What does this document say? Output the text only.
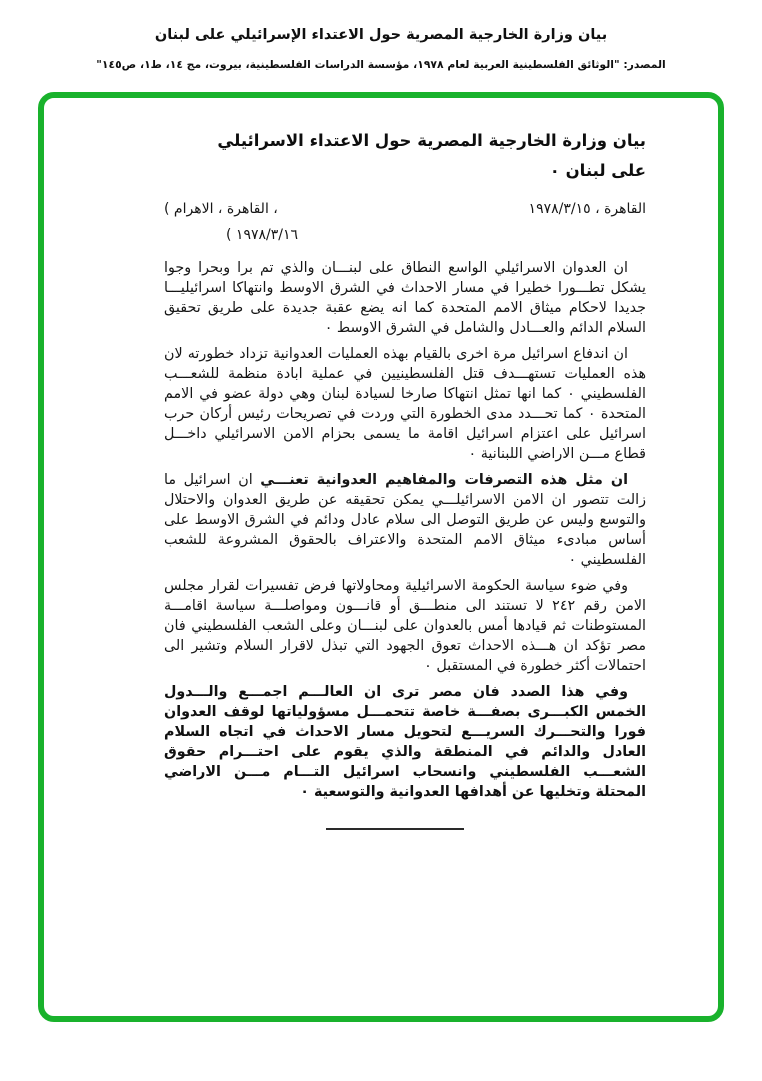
بيان وزارة الخارجية المصرية حول الاعتداء الإسرائيلي على لبنان
المصدر: "الوثائق الفلسطينية العربية لعام ١٩٧٨، مؤسسة الدراسات الفلسطينية، بيروت، مج ١٤، ط١، ص١٤٥"
بيان وزارة الخارجية المصرية حول الاعتداء الاسرائيلي
على لبنان ٠
القاهرة ، ١٩٧٨/٣/١٥
( الاهرام‎ ، القاهرة‎ ،
( ١٩٧٨/٣/١٦

ان العدوان الاسرائيلي الواسع النطاق على لبنـــان والذي تم برا وبحرا وجوا يشكل تطـــورا خطيرا في مسار الاحداث في الشرق الاوسط وانتهاكا اسرائيليـــا جديدا لاحكام ميثاق الامم المتحدة كما انه يضع عقبة جديدة على طريق تحقيق السلام الدائم والعـــادل والشامل في الشرق الاوسط ٠

ان اندفاع اسرائيل مرة اخرى بالقيام بهذه العمليات العدوانية تزداد خطورته لان هذه العمليات تستهـــدف قتل الفلسطينيين في عملية ابادة منظمة للشعـــب الفلسطيني ٠ كما انها تمثل انتهاكا صارخا لسيادة لبنان وهي دولة عضو في الامم المتحدة ٠ كما تحـــدد مدى الخطورة التي وردت في تصريحات رئيس أركان حرب اسرائيل على اعتزام اسرائيل اقامة ما يسمى بحزام الامن الاسرائيلي داخـــل قطاع مـــن الاراضي اللبنانية ٠

ان مثل هذه التصرفات والمفاهيم العدوانية تعنـــي ان اسرائيل ما زالت تتصور ان الامن الاسرائيلـــي يمكن تحقيقه عن طريق العدوان والاحتلال والتوسع وليس عن طريق التوصل الى سلام عادل ودائم في الشرق الاوسط على أساس مبادىء ميثاق الامم المتحدة والاعتراف بالحقوق المشروعة للشعب الفلسطيني ٠

وفي ضوء سياسة الحكومة الاسرائيلية ومحاولاتها فرض تفسيرات لقرار مجلس الامن رقم ٢٤٢ لا تستند الى منطـــق أو قانـــون ومواصلـــة سياسة اقامـــة المستوطنات ثم قيادها أمس بالعدوان على لبنـــان وعلى الشعب الفلسطيني فان مصر تؤكد ان هـــذه الاحداث تعوق الجهود التي تبذل لاقرار السلام وتشير الى احتمالات أكثر خطورة في المستقبل ٠

وفي هذا الصدد فان مصر ترى ان العالـــم اجمـــع والـــدول الخمس الكبـــرى بصفـــة خاصة تتحمـــل مسؤولياتها لوقف العدوان فورا والتحـــرك السريـــع لتحويل مسار الاحداث في اتجاه السلام العادل والدائم في المنطقة والذي يقوم على احتـــرام حقوق الشعـــب الفلسطيني وانسحاب اسرائيل التـــام مـــن الاراضي المحتلة وتخليها عن أهدافها العدوانية والتوسعية ٠
